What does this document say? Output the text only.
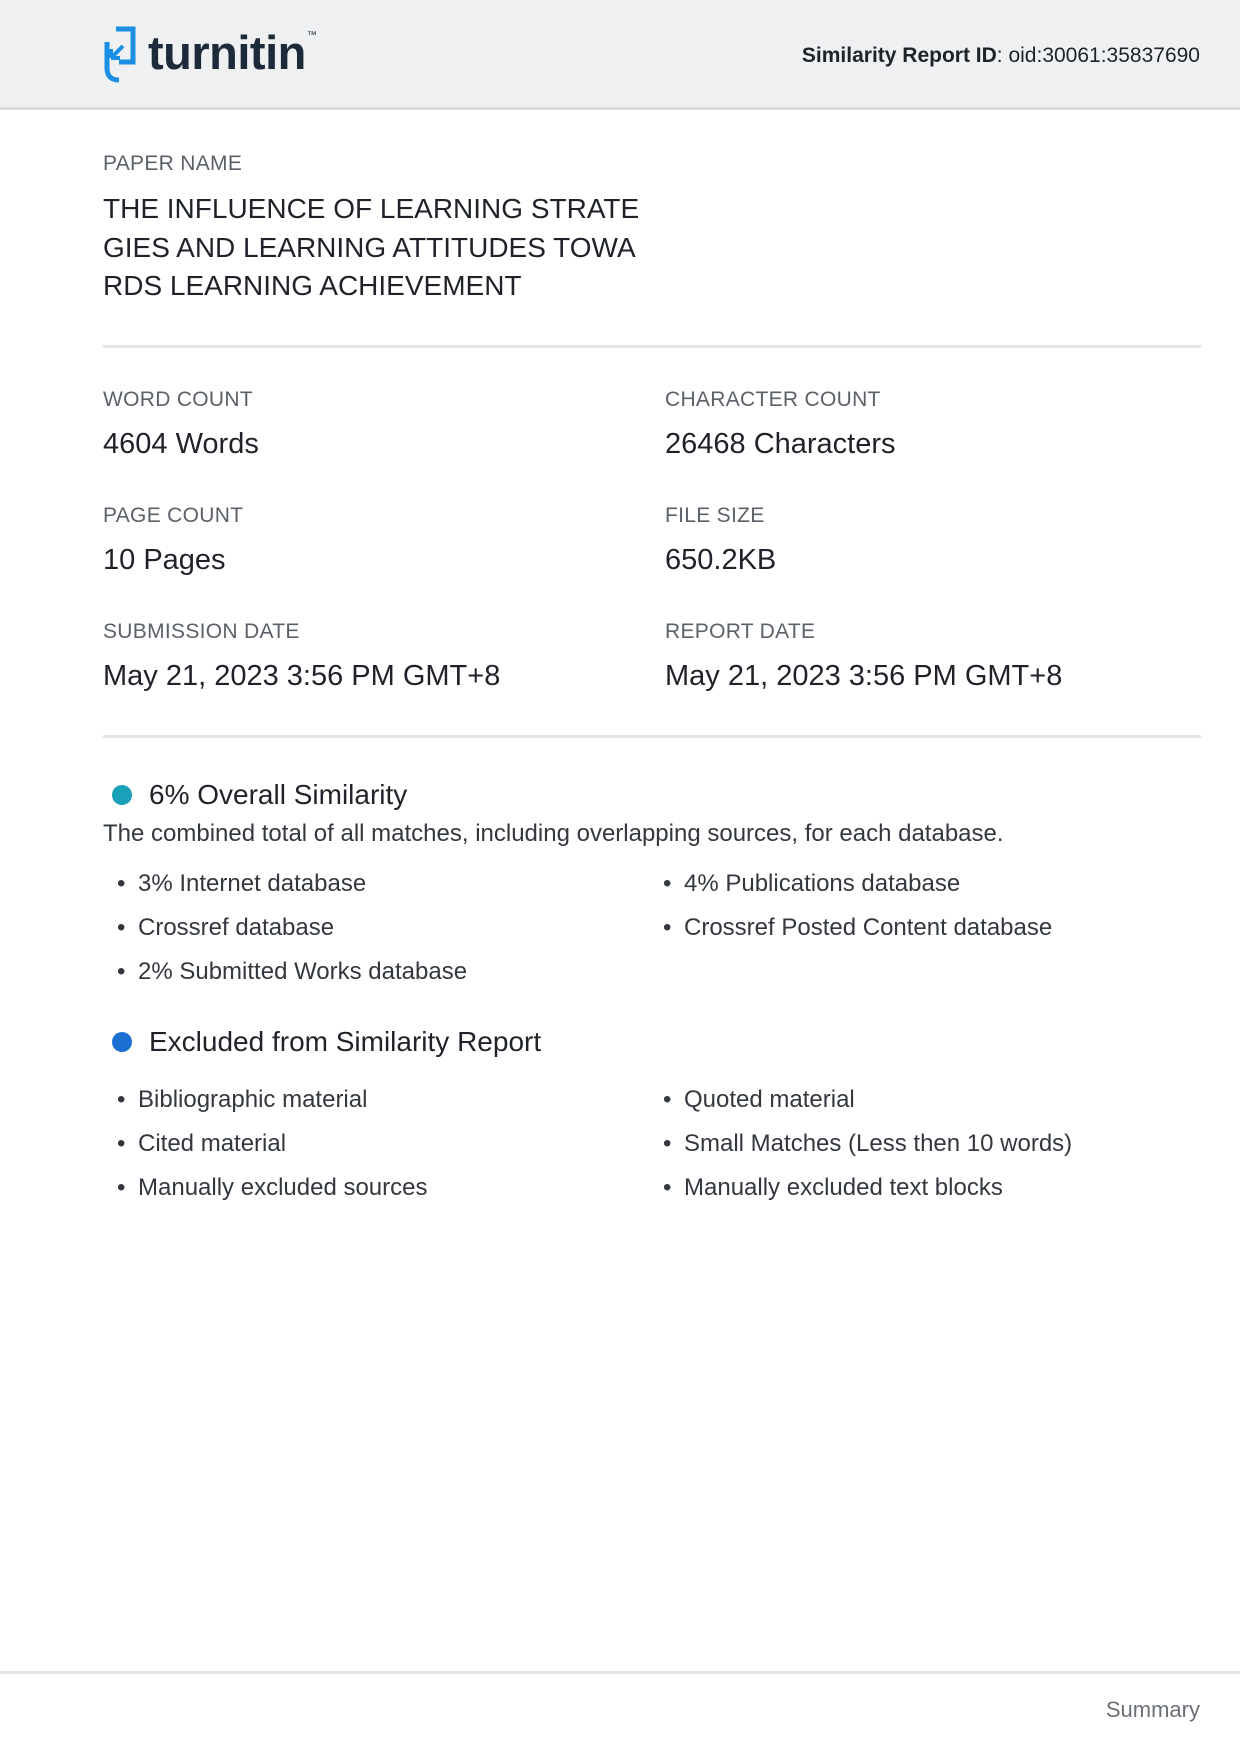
turnitin ™
Similarity Report ID: oid:30061:35837690
PAPER NAME
THE INFLUENCE OF LEARNING STRATE
GIES AND LEARNING ATTITUDES TOWA
RDS LEARNING ACHIEVEMENT
WORD COUNT
4604 Words
CHARACTER COUNT
26468 Characters
PAGE COUNT
10 Pages
FILE SIZE
650.2KB
SUBMISSION DATE
May 21, 2023 3:56 PM GMT+8
REPORT DATE
May 21, 2023 3:56 PM GMT+8
6% Overall Similarity
The combined total of all matches, including overlapping sources, for each database.
• 3% Internet database
• Crossref database
• 2% Submitted Works database
• 4% Publications database
• Crossref Posted Content database
Excluded from Similarity Report
• Bibliographic material
• Cited material
• Manually excluded sources
• Quoted material
• Small Matches (Less then 10 words)
• Manually excluded text blocks
Summary
